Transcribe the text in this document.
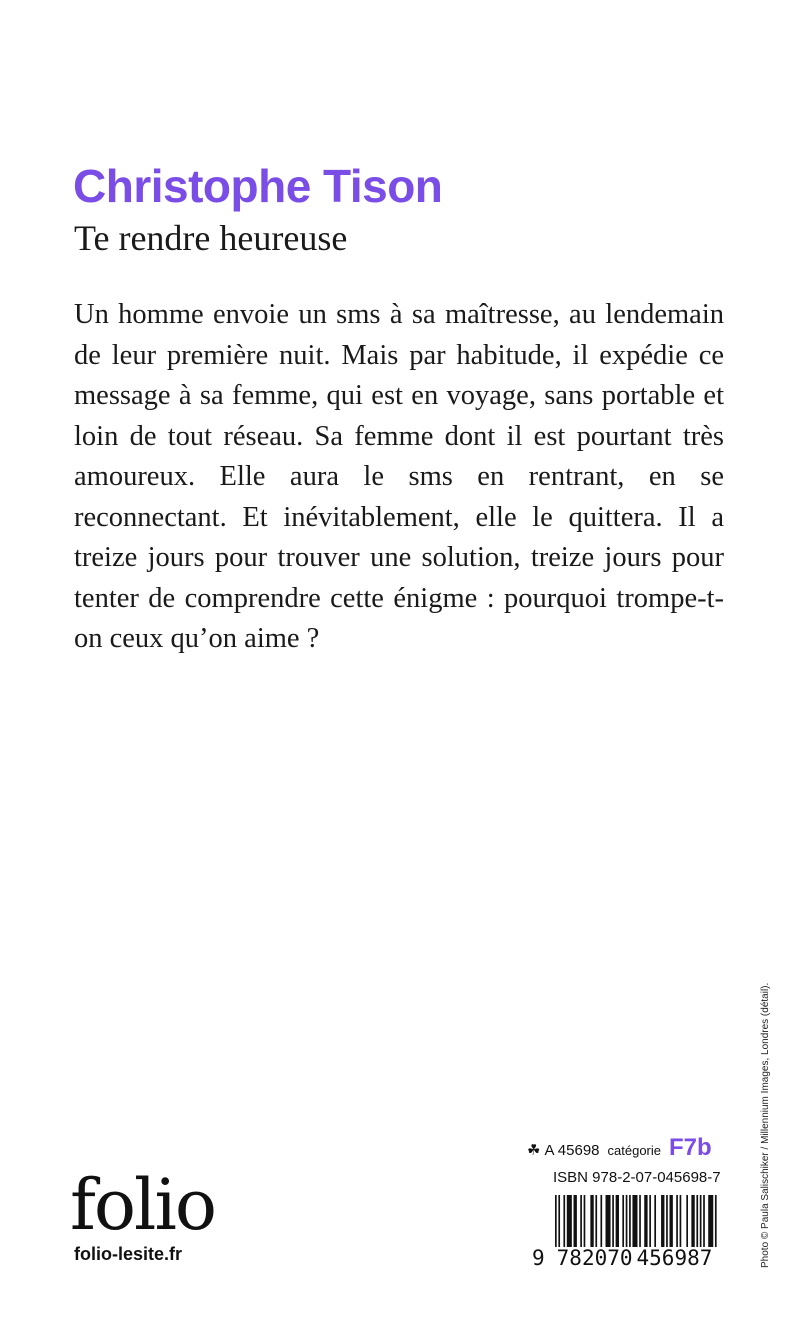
Christophe Tison
Te rendre heureuse

Un homme envoie un sms à sa maîtresse, au lendemain de leur première nuit. Mais par habitude, il expédie ce message à sa femme, qui est en voyage, sans portable et loin de tout réseau. Sa femme dont il est pourtant très amoureux. Elle aura le sms en rentrant, en se reconnectant. Et inévitablement, elle le quittera. Il a treize jours pour trouver une solution, treize jours pour tenter de comprendre cette énigme : pourquoi trompe-t-on ceux qu’on aime ?

Photo © Paula Salischiker / Millennium Images, Londres (détail).
folio
folio-lesite.fr
☘ A 45698 catégorie F7b
ISBN 978-2-07-045698-7
9 782070 456987
